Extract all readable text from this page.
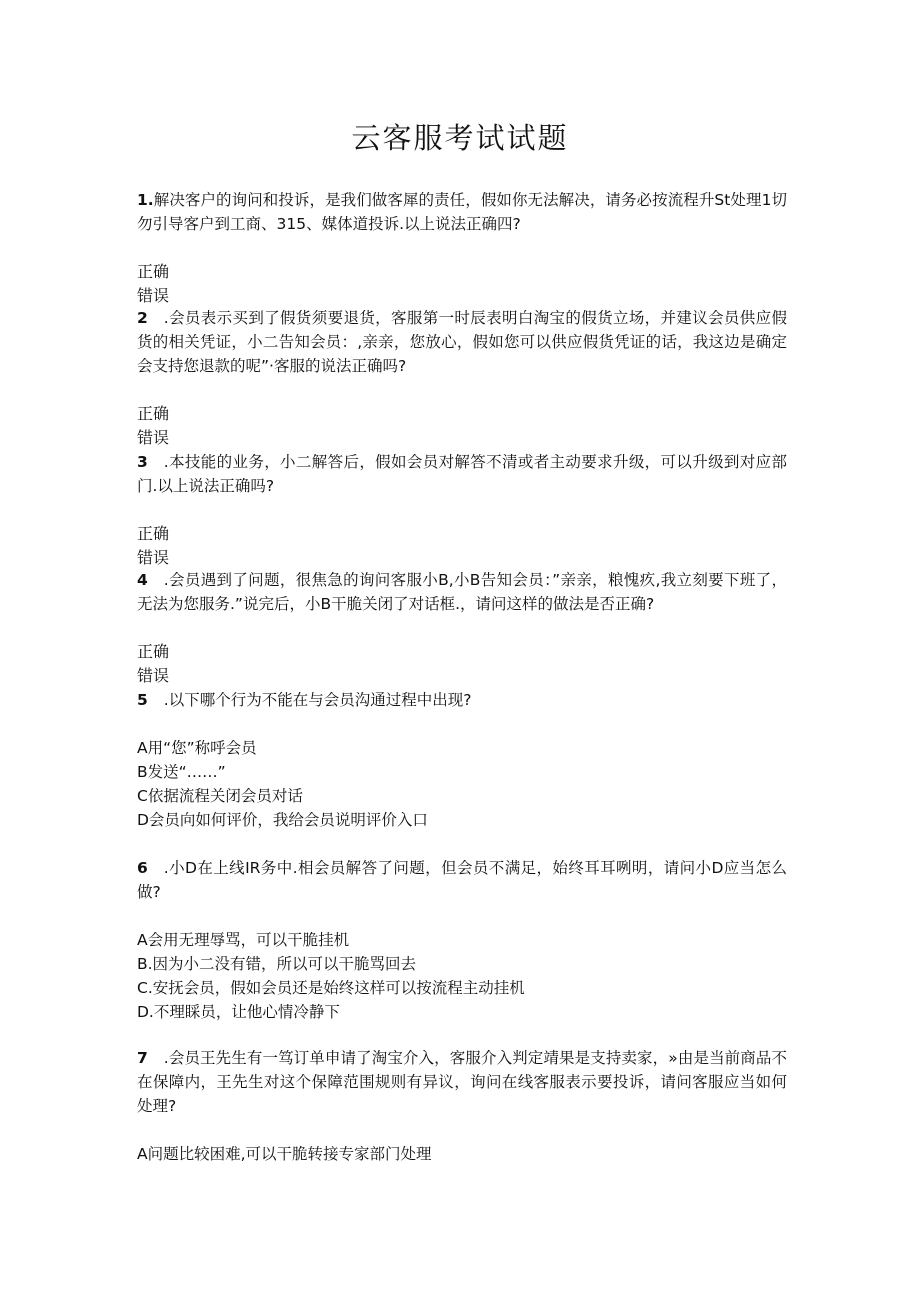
云客服考试试题
1.解决客户的询问和投诉，是我们做客犀的责任，假如你无法解决，请务必按流程升St处理1切勿引导客户到工商、315、媒体道投诉.以上说法正确四?
正确
错误
2 .会员表示买到了假货须要退货，客服第一时辰表明白淘宝的假货立场，并建议会员供应假货的相关凭证，小二告知会员：,亲亲，您放心，假如您可以供应假货凭证的话，我这边是确定会支持您退款的呢”·客服的说法正确吗?
正确
错误
3 .本技能的业务，小二解答后，假如会员对解答不清或者主动要求升级，可以升级到对应部门.以上说法正确吗?
正确
错误
4 .会员遇到了问题，很焦急的询问客服小B,小B告知会员：”亲亲，粮愧疚,我立刻要下班了，无法为您服务.”说完后，小B干脆关闭了对话框.，请问这样的做法是否正确?
正确
错误
5 .以下哪个行为不能在与会员沟通过程中出现?
A用“您”称呼会员
B发送“……”
C依据流程关闭会员对话
D会员向如何评价，我给会员说明评价入口
6 .小D在上线IR务中.相会员解答了问题，但会员不满足，始终耳耳咧明，请问小D应当怎么做?
A会用无理辱骂，可以干脆挂机
B.因为小二没有错，所以可以干脆骂回去
C.安抚会员，假如会员还是始终这样可以按流程主动挂机
D.不理睬员，让他心情冷静下
7 .会员王先生有一笃订单申请了淘宝介入，客服介入判定靖果是支持卖家，»由是当前商品不在保障内，王先生对这个保障范围规则有异议，询问在线客服表示要投诉，请问客服应当如何处理?
A问题比较困难,可以干脆转接专家部门处理
